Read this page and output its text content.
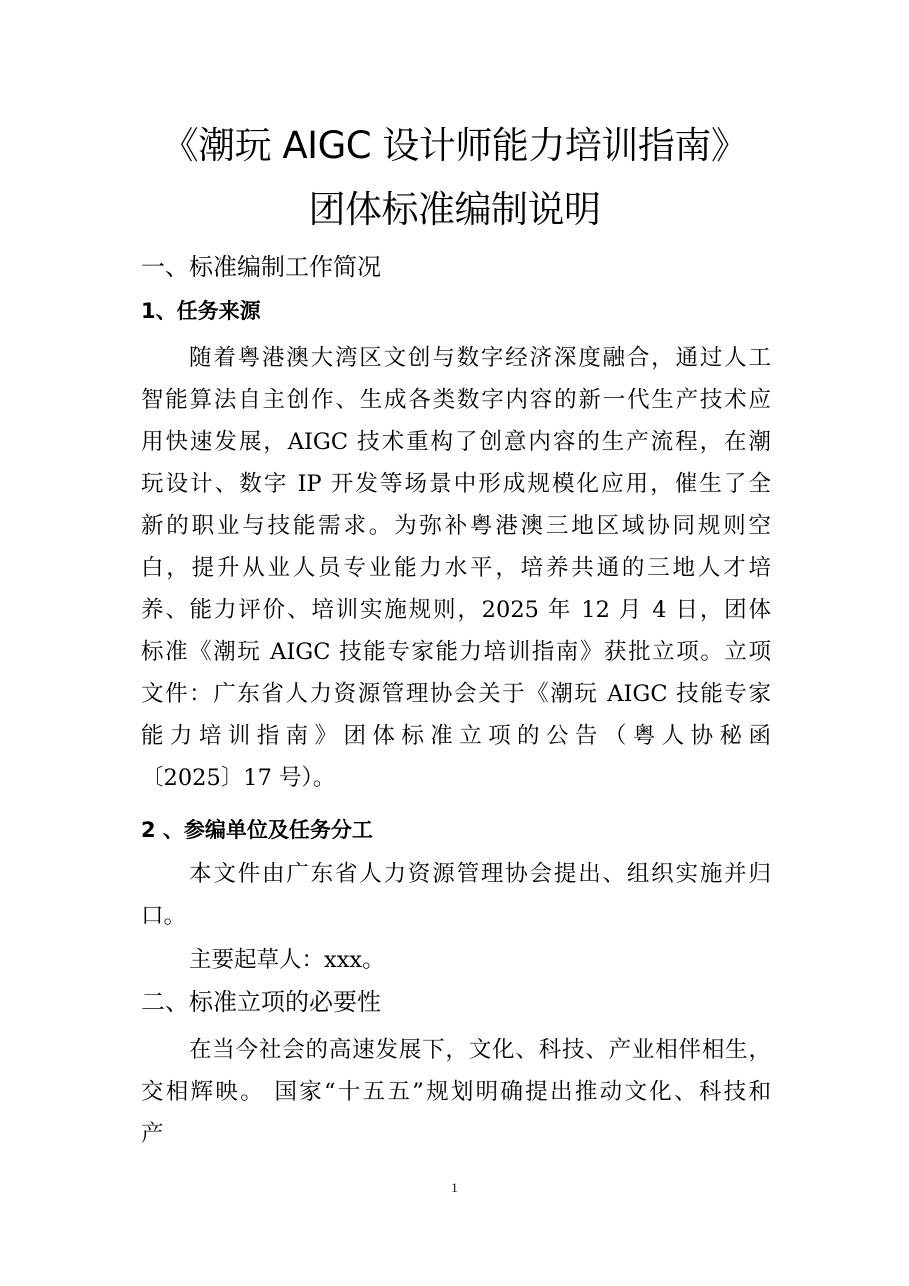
《潮玩 AIGC 设计师能力培训指南》
团体标准编制说明
一、标准编制工作简况
1、任务来源
随着粤港澳大湾区文创与数字经济深度融合，通过人工
智能算法自主创作、生成各类数字内容的新一代生产技术应
用快速发展，AIGC 技术重构了创意内容的生产流程，在潮
玩设计、数字 IP 开发等场景中形成规模化应用，催生了全
新的职业与技能需求。为弥补粤港澳三地区域协同规则空
白，提升从业人员专业能力水平，培养共通的三地人才培
养、能力评价、培训实施规则，2025 年 12 月 4 日，团体
标准《潮玩 AIGC 技能专家能力培训指南》获批立项。立项
文件：广东省人力资源管理协会关于《潮玩 AIGC 技能专家
能力培训指南》团体标准立项的公告（粤人协秘函
〔2025〕17 号）。
2 、参编单位及任务分工
本文件由广东省人力资源管理协会提出、组织实施并归
口。
主要起草人：xxx。
二、标准立项的必要性
在当今社会的高速发展下，文化、科技、产业相伴相生，
交相辉映。 国家“十五五”规划明确提出推动文化、科技和
产
1
